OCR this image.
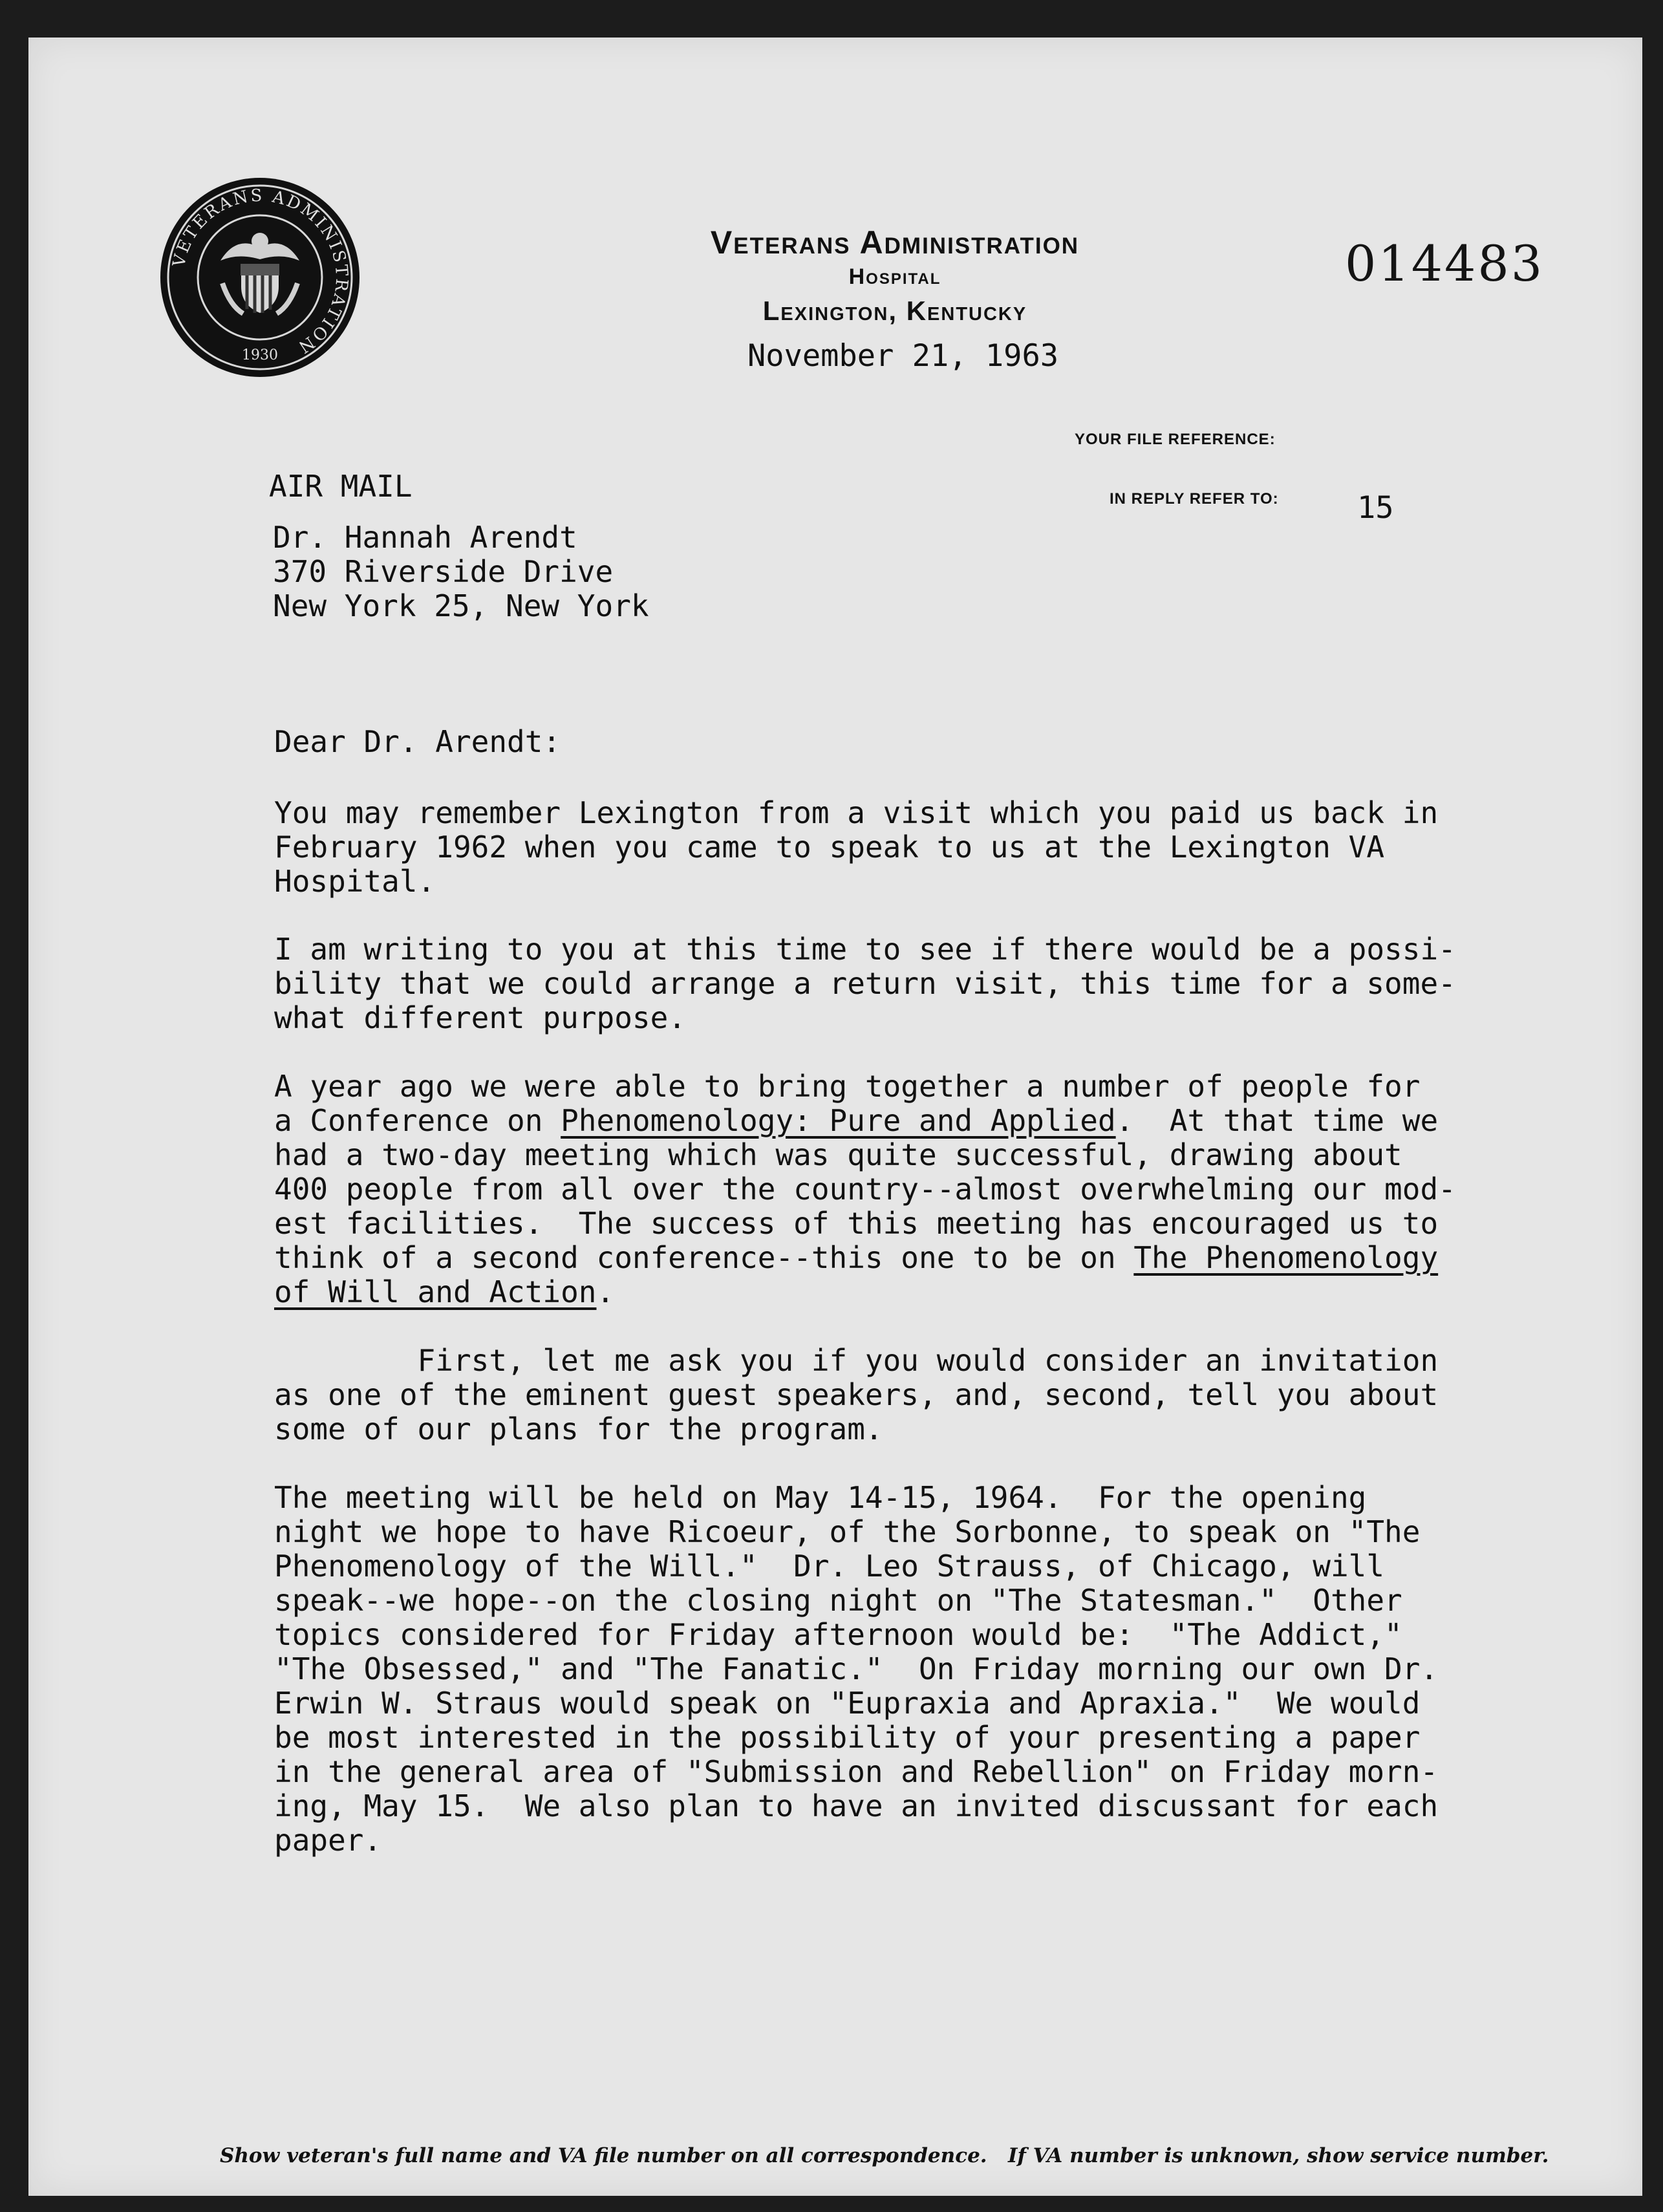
VETERANS ADMINISTRATION
1930
Veterans Administration
Hospital
Lexington, Kentucky
November 21, 1963
014483
YOUR FILE REFERENCE:
IN REPLY REFER TO:	15
AIR MAIL
Dr. Hannah Arendt
370 Riverside Drive
New York 25, New York
Dear Dr. Arendt:
You may remember Lexington from a visit which you paid us back in
February 1962 when you came to speak to us at the Lexington VA
Hospital.
I am writing to you at this time to see if there would be a possi-
bility that we could arrange a return visit, this time for a some-
what different purpose.
A year ago we were able to bring together a number of people for
a Conference on Phenomenology: Pure and Applied.  At that time we
had a two-day meeting which was quite successful, drawing about
400 people from all over the country--almost overwhelming our mod-
est facilities.  The success of this meeting has encouraged us to
think of a second conference--this one to be on The Phenomenology
of Will and Action.
First, let me ask you if you would consider an invitation
as one of the eminent guest speakers, and, second, tell you about
some of our plans for the program.
The meeting will be held on May 14-15, 1964.  For the opening
night we hope to have Ricoeur, of the Sorbonne, to speak on "The
Phenomenology of the Will."  Dr. Leo Strauss, of Chicago, will
speak--we hope--on the closing night on "The Statesman."  Other
topics considered for Friday afternoon would be:  "The Addict,"
"The Obsessed," and "The Fanatic."  On Friday morning our own Dr.
Erwin W. Straus would speak on "Eupraxia and Apraxia."  We would
be most interested in the possibility of your presenting a paper
in the general area of "Submission and Rebellion" on Friday morn-
ing, May 15.  We also plan to have an invited discussant for each
paper.
Show veteran's full name and VA file number on all correspondence.   If VA number is unknown, show service number.
